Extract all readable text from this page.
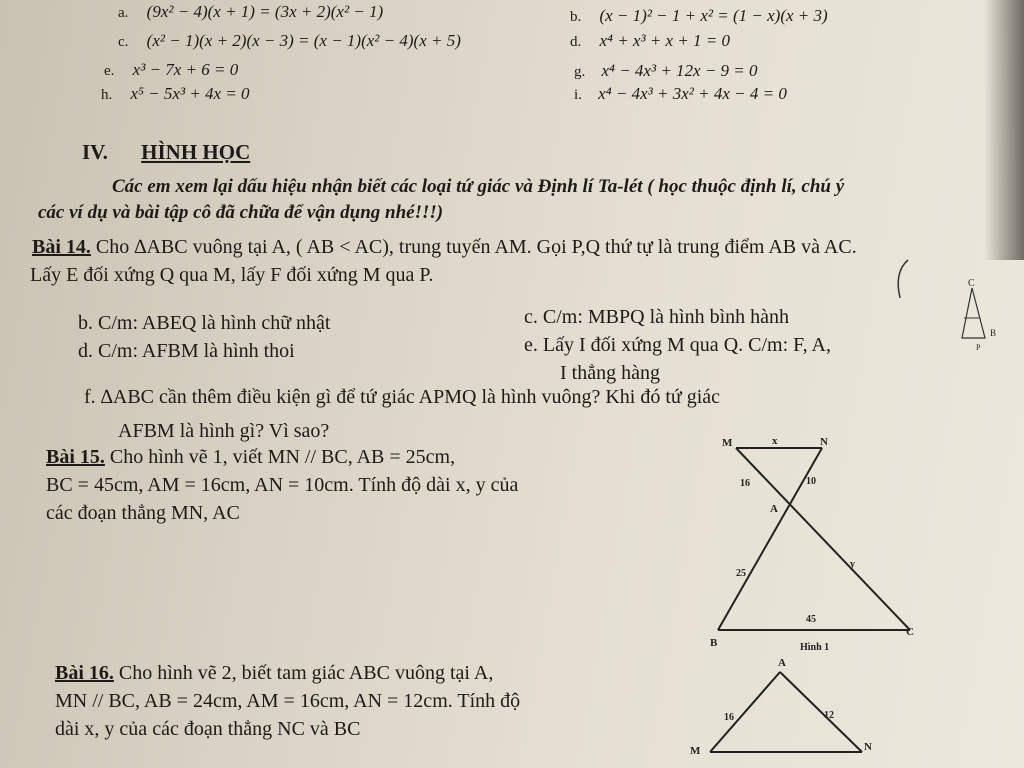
a. (9x² − 4)(x + 1) = (3x + 2)(x² − 1)	b. (x − 1)² − 1 + x² = (1 − x)(x + 3)
c. (x² − 1)(x + 2)(x − 3) = (x − 1)(x² − 4)(x + 5)	d. x⁴ + x³ + x + 1 = 0
e. x³ − 7x + 6 = 0	g. x⁴ − 4x³ + 12x − 9 = 0
h. x⁵ − 5x³ + 4x = 0	i. x⁴ − 4x³ + 3x² + 4x − 4 = 0
IV. HÌNH HỌC
Các em xem lại dấu hiệu nhận biết các loại tứ giác và Định lí Ta-lét ( học thuộc định lí, chú ý
các ví dụ và bài tập cô đã chữa để vận dụng nhé!!!)
Bài 14. Cho ∆ABC vuông tại A, ( AB < AC), trung tuyến AM. Gọi P,Q thứ tự là trung điểm AB và AC.
Lấy E đối xứng Q qua M, lấy F đối xứng M qua P.
b. C/m: ABEQ là hình chữ nhật	c. C/m: MBPQ là hình bình hành
d. C/m: AFBM là hình thoi	e. Lấy I đối xứng M qua Q. C/m: F, A,
I thẳng hàng
f. ∆ABC cần thêm điều kiện gì để tứ giác APMQ là hình vuông? Khi đó tứ giác
AFBM là hình gì? Vì sao?
Bài 15. Cho hình vẽ 1, viết MN // BC, AB = 25cm,
BC = 45cm, AM = 16cm, AN = 10cm. Tính độ dài x, y của
các đoạn thẳng MN, AC
Bài 16. Cho hình vẽ 2, biết tam giác ABC vuông tại A,
MN // BC, AB = 24cm, AM = 16cm, AN = 12cm. Tính độ
dài x, y của các đoạn thẳng NC và BC
C
B
P
M	x	N
16	10
A
25
y
45
B
C
Hình 1
A
16	12
M	N
